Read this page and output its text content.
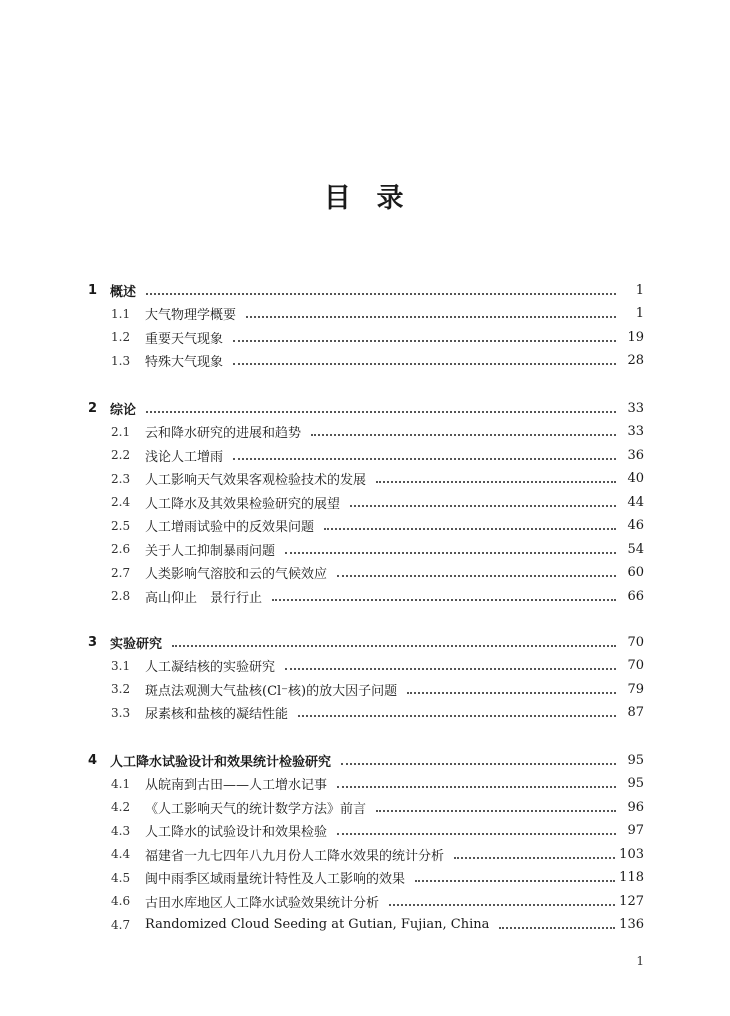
目 录
1 概述	1
1.1	大气物理学概要	1
1.2	重要天气现象	19
1.3	特殊大气现象	28
2 综论	33
2.1	云和降水研究的进展和趋势	33
2.2	浅论人工增雨	36
2.3	人工影响天气效果客观检验技术的发展	40
2.4	人工降水及其效果检验研究的展望	44
2.5	人工增雨试验中的反效果问题	46
2.6	关于人工抑制暴雨问题	54
2.7	人类影响气溶胶和云的气候效应	60
2.8	高山仰止　景行行止	66
3 实验研究	70
3.1	人工凝结核的实验研究	70
3.2	斑点法观测大气盐核(Cl⁻核)的放大因子问题	79
3.3	尿素核和盐核的凝结性能	87
4 人工降水试验设计和效果统计检验研究	95
4.1	从皖南到古田——人工增水记事	95
4.2	《人工影响天气的统计数学方法》前言	96
4.3	人工降水的试验设计和效果检验	97
4.4	福建省一九七四年八九月份人工降水效果的统计分析	103
4.5	闽中雨季区域雨量统计特性及人工影响的效果	118
4.6	古田水库地区人工降水试验效果统计分析	127
4.7	Randomized Cloud Seeding at Gutian, Fujian, China	136
1
